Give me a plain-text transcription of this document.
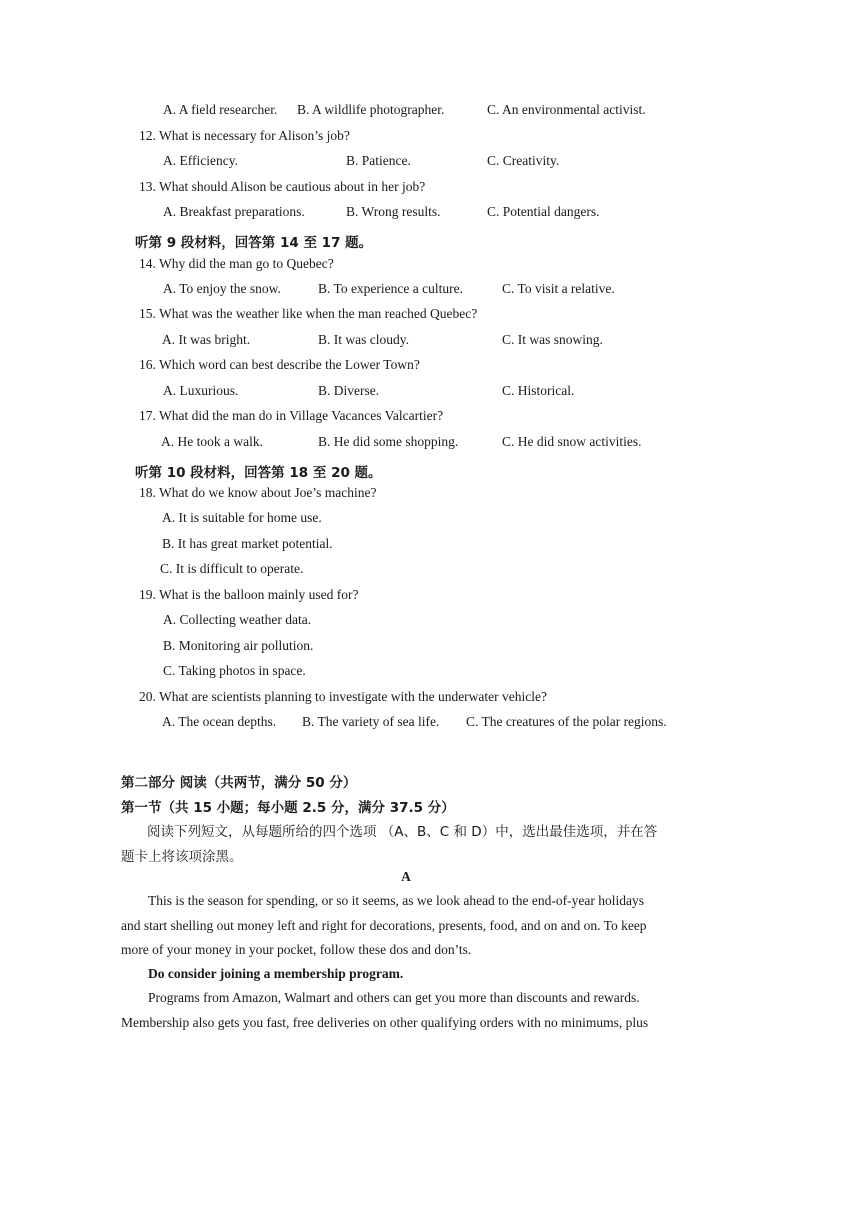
A. A field researcher. B. A wildlife photographer.	C. An environmental activist.
12. What is necessary for Alison’s job?
A. Efficiency.	B. Patience.	C. Creativity.
13. What should Alison be cautious about in her job?
A. Breakfast preparations.	B. Wrong results.	C. Potential dangers.
听第 9 段材料，回答第 14 至 17 题。
14. Why did the man go to Quebec?
A. To enjoy the snow.	B. To experience a culture.	C. To visit a relative.
15. What was the weather like when the man reached Quebec?
A. It was bright.	B. It was cloudy.	C. It was snowing.
16. Which word can best describe the Lower Town?
A. Luxurious.	B. Diverse.	C. Historical.
17. What did the man do in Village Vacances Valcartier?
A. He took a walk.	B. He did some shopping.	C. He did snow activities.
听第 10 段材料，回答第 18 至 20 题。
18. What do we know about Joe’s machine?
A. It is suitable for home use.
B. It has great market potential.
C. It is difficult to operate.
19. What is the balloon mainly used for?
A. Collecting weather data.
B. Monitoring air pollution.
C. Taking photos in space.
20. What are scientists planning to investigate with the underwater vehicle?
A. The ocean depths. B. The variety of sea life. C. The creatures of the polar regions.
第二部分 阅读（共两节，满分 50 分）
第一节（共 15 小题；每小题 2.5 分，满分 37.5 分）
阅读下列短文，从每题所给的四个选项 （A、B、C 和 D）中，选出最佳选项，并在答
题卡上将该项涂黑。
A
This is the season for spending, or so it seems, as we look ahead to the end-of-year holidays
and start shelling out money left and right for decorations, presents, food, and on and on. To keep
more of your money in your pocket, follow these dos and don’ts.
Do consider joining a membership program.
Programs from Amazon, Walmart and others can get you more than discounts and rewards.
Membership also gets you fast, free deliveries on other qualifying orders with no minimums, plus
